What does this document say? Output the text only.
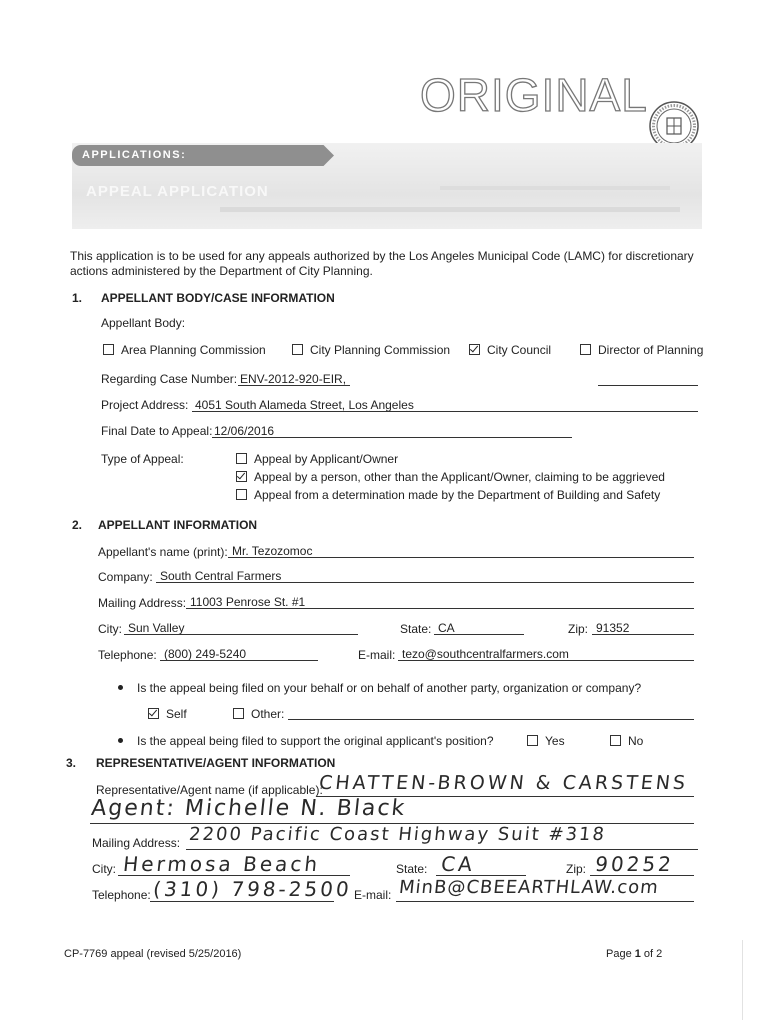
ORIGINAL
APPLICATIONS:
APPEAL APPLICATION
This application is to be used for any appeals authorized by the Los Angeles Municipal Code (LAMC) for discretionary actions administered by the Department of City Planning.
1. APPELLANT BODY/CASE INFORMATION
Appellant Body:
Area Planning Commission	City Planning Commission	City Council	Director of Planning
Regarding Case Number: ENV-2012-920-EIR,
Project Address: 4051 South Alameda Street, Los Angeles
Final Date to Appeal: 12/06/2016
Type of Appeal:	Appeal by Applicant/Owner
Appeal by a person, other than the Applicant/Owner, claiming to be aggrieved
Appeal from a determination made by the Department of Building and Safety
2. APPELLANT INFORMATION
Appellant's name (print): Mr. Tezozomoc
Company: South Central Farmers
Mailing Address: 11003 Penrose St. #1
City: Sun Valley	State: CA	Zip: 91352
Telephone: (800) 249-5240	E-mail: tezo@southcentralfarmers.com
Is the appeal being filed on your behalf or on behalf of another party, organization or company?
Self	Other:
Is the appeal being filed to support the original applicant's position?	Yes	No
3. REPRESENTATIVE/AGENT INFORMATION
Representative/Agent name (if applicable):
CHATTEN-BROWN & CARSTENS
Agent: Michelle N. Black
Mailing Address: 2200 Pacific Coast Highway Suit #318
City: Hermosa Beach	State: CA	Zip: 90252
Telephone: (310) 798-2500 E-mail: MinB@CBEEARTHLAW.com
CP-7769 appeal (revised 5/25/2016)	Page 1 of 2
